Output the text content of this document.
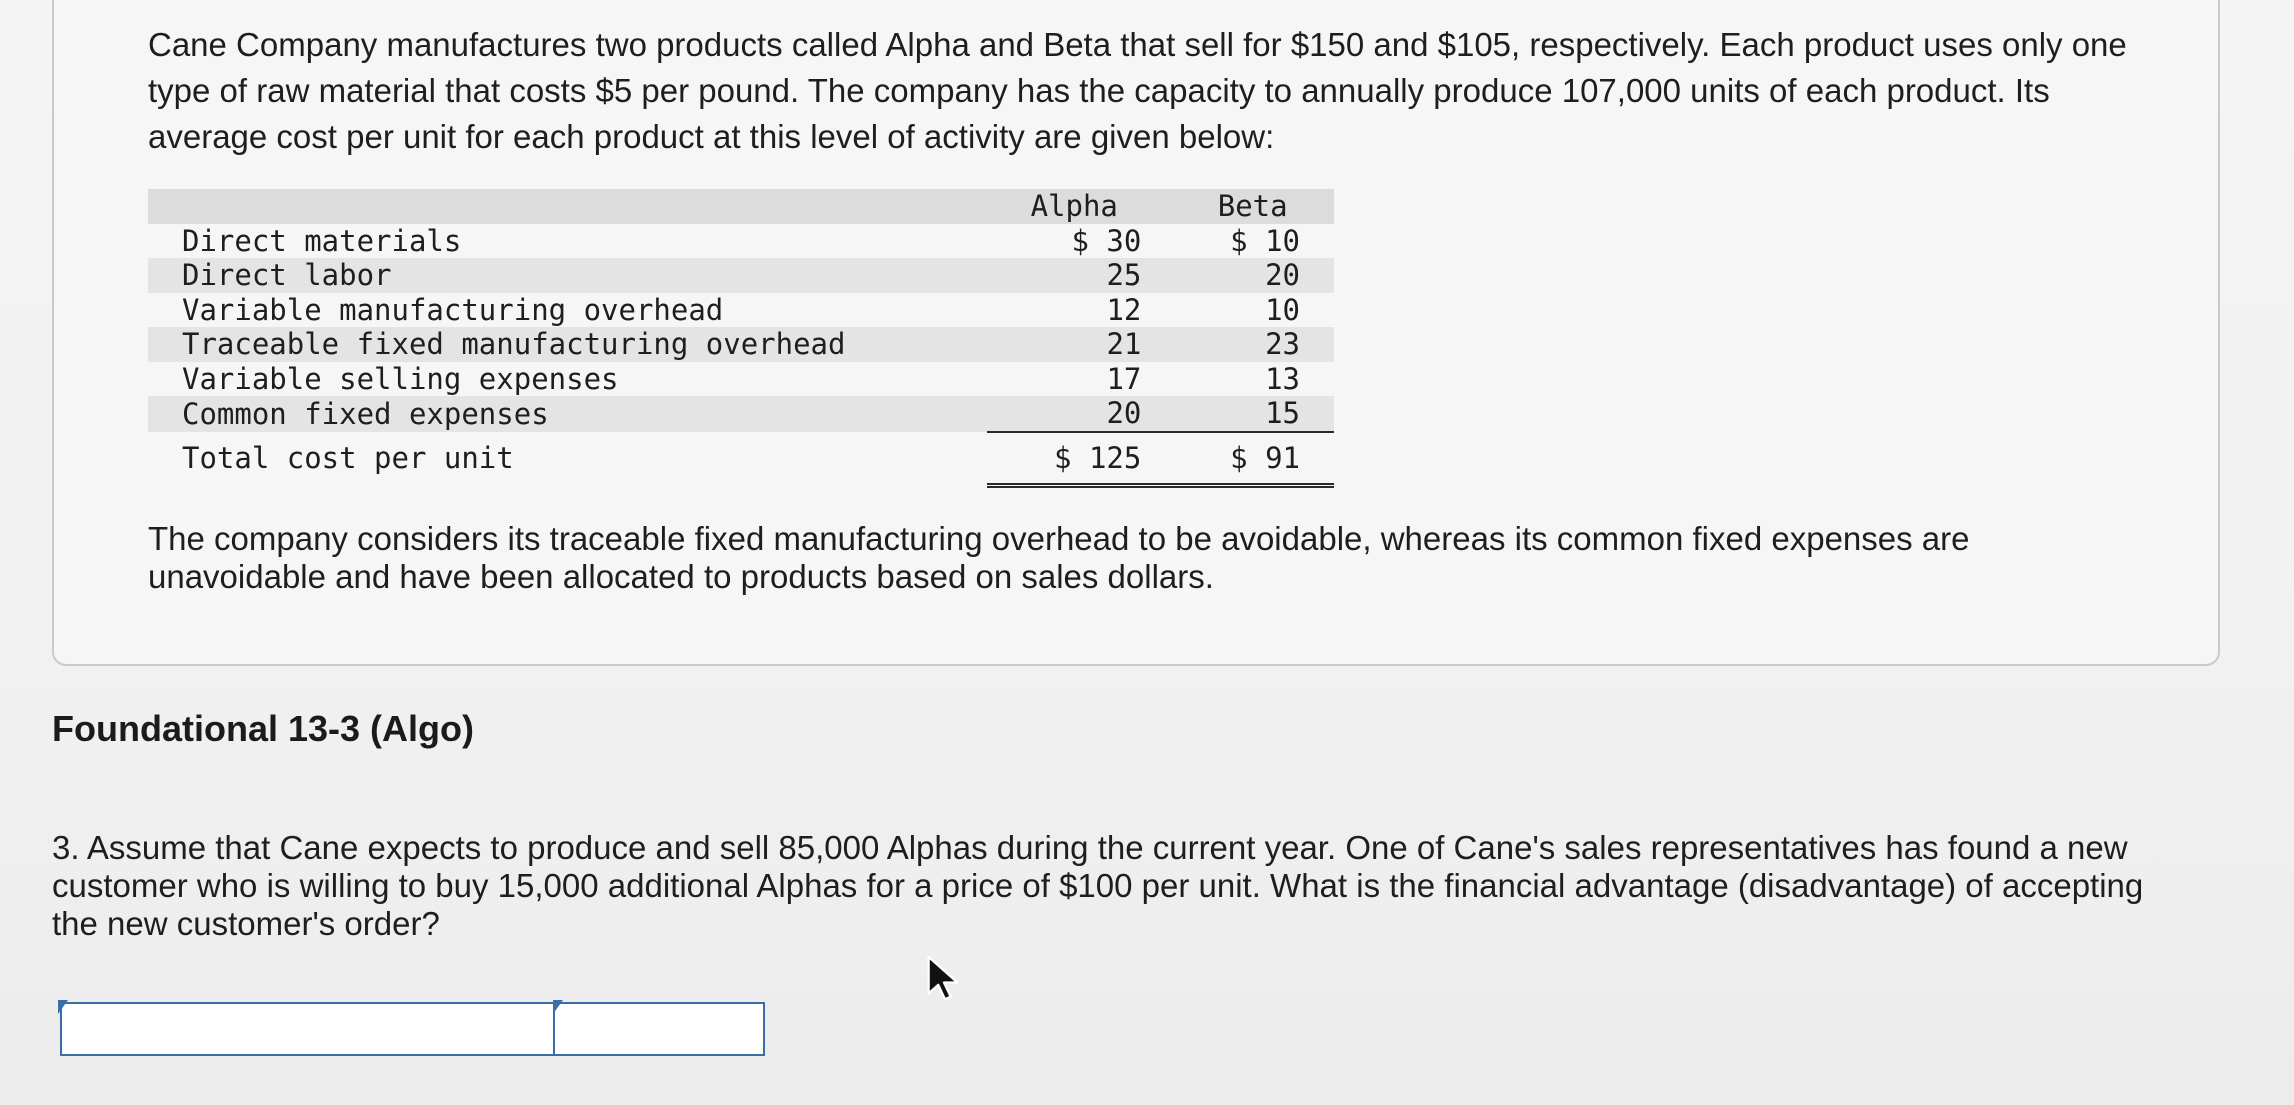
Cane Company manufactures two products called Alpha and Beta that sell for $150 and $105, respectively. Each product uses only one type of raw material that costs $5 per pound. The company has the capacity to annually produce 107,000 units of each product. Its average cost per unit for each product at this level of activity are given below:

	Alpha	Beta
Direct materials	$ 30	$ 10
Direct labor	25	20
Variable manufacturing overhead	12	10
Traceable fixed manufacturing overhead	21	23
Variable selling expenses	17	13
Common fixed expenses	20	15
Total cost per unit	$ 125	$ 91

The company considers its traceable fixed manufacturing overhead to be avoidable, whereas its common fixed expenses are unavoidable and have been allocated to products based on sales dollars.

Foundational 13-3 (Algo)

3. Assume that Cane expects to produce and sell 85,000 Alphas during the current year. One of Cane's sales representatives has found a new customer who is willing to buy 15,000 additional Alphas for a price of $100 per unit. What is the financial advantage (disadvantage) of accepting the new customer's order?
